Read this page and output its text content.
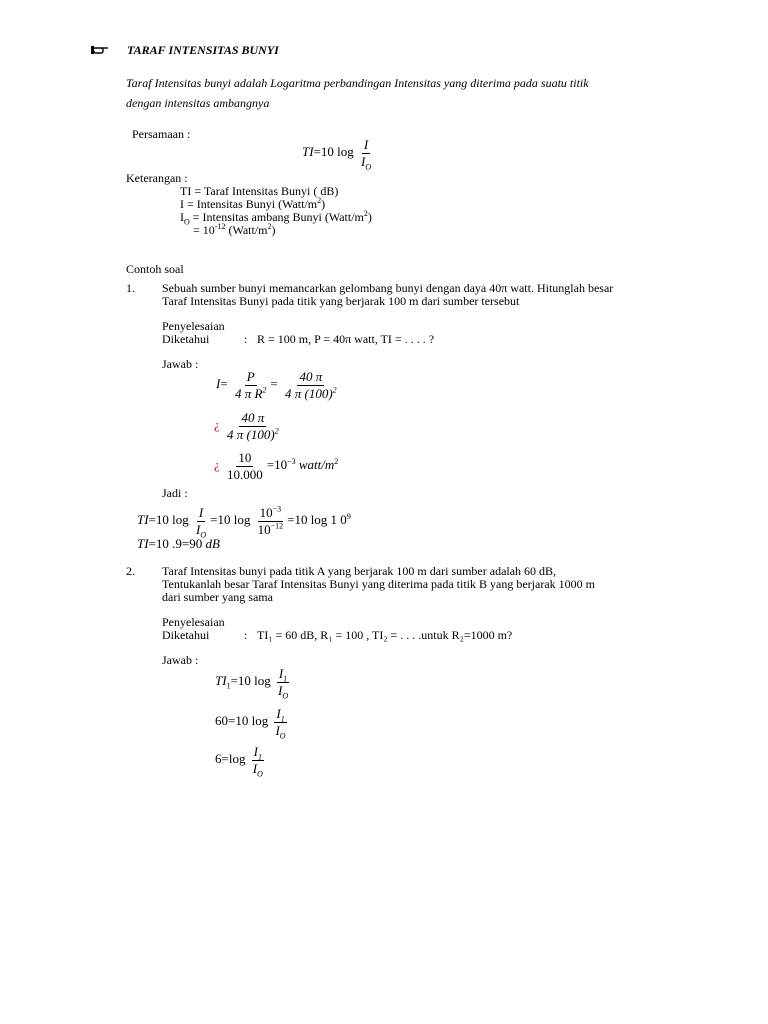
TARAF INTENSITAS BUNYI
Taraf Intensitas bunyi adalah Logaritma perbandingan Intensitas yang diterima pada suatu titik
dengan intensitas ambangnya
Persamaan :
TI=10 $\log \frac{I}{I_O}$
Keterangan :
TI = Taraf Intensitas Bunyi ( dB)
I = Intensitas Bunyi $(Watt/m^2)$
$I_O$ = Intensitas ambang Bunyi $(Watt/m^2)$
= $10^{-12}$ $(Watt/m^2)$
Contoh soal
1. Sebuah sumber bunyi memancarkan gelombang bunyi dengan daya 40π watt. Hitunglah besar
Taraf Intensitas Bunyi pada titik yang berjarak 100 m dari sumber tersebut
Penyelesaian
Diketahui	: R = 100 m, P = 40π watt, TI = . . . . ?
Jawab :
$I= \frac{P}{4 \pi R^2} = \frac{40 \pi}{4 \pi (100)^2}$
¿ $\frac{40 \pi}{4 \pi (100)^2}$
¿ $\frac{10}{10.000} =10^{-3}$ watt/$m^2$
Jadi :
TI=10 $\log \frac{I}{I_O} =10$ $\log \frac{10^{-3}}{10^{-12}} =10$ log 1 $0^9$
TI=10 .9=90 dB
2. Taraf Intensitas bunyi pada titik A yang berjarak 100 m dari sumber adalah 60 dB,
Tentukanlah besar Taraf Intensitas Bunyi yang diterima pada titik B yang berjarak 1000 m
dari sumber yang sama
Penyelesaian
Diketahui	: TI₁ = 60 dB, R₁ = 100 , TI₂ = . . . .untuk R₂=1000 m?
Jawab :
$TI_1=10$ $\log \frac{I_1}{I_O}$
60=10 $\log \frac{I_1}{I_O}$
$6=\log \frac{I_1}{I_O}$
